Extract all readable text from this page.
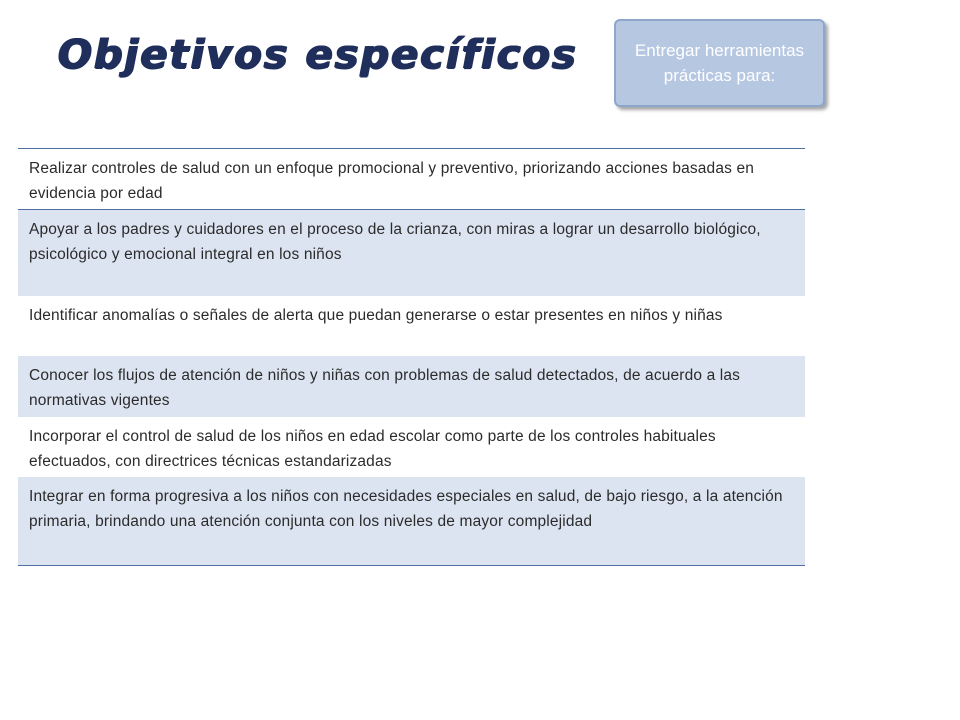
Objetivos específicos	Entregar herramientas prácticas para:
Realizar controles de salud con un enfoque promocional y preventivo, priorizando acciones basadas en evidencia por edad
Apoyar a los padres y cuidadores en el proceso de la crianza, con miras a lograr un desarrollo biológico, psicológico y emocional integral en los niños
Identificar anomalías o señales de alerta que puedan generarse o estar presentes en niños y niñas
Conocer los flujos de atención de niños y niñas con problemas de salud detectados, de acuerdo a las normativas vigentes
Incorporar el control de salud de los niños en edad escolar como parte de los controles habituales efectuados, con directrices técnicas estandarizadas
Integrar en forma progresiva a los niños con necesidades especiales en salud, de bajo riesgo, a la atención primaria, brindando una atención conjunta con los niveles de mayor complejidad
